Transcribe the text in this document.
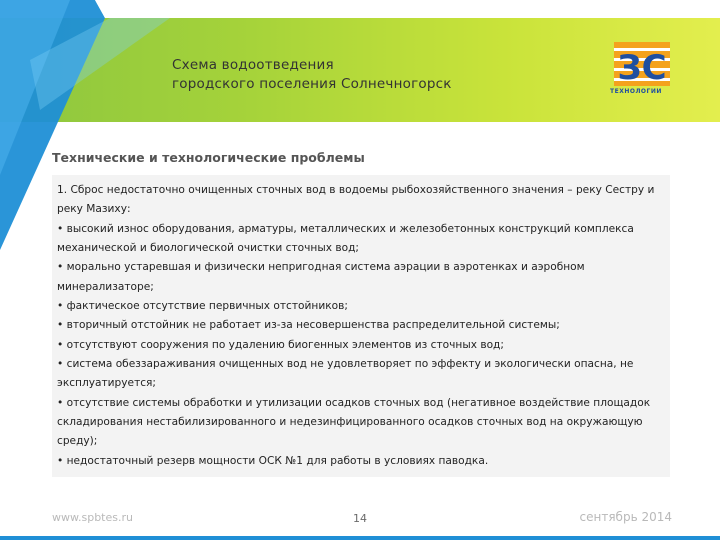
Схема водоотведения
городского поселения Солнечногорск	ЗС
ТЕХНОЛОГИИ
Технические и технологические проблемы

1. Сброс недостаточно очищенных сточных вод в водоемы рыбохозяйственного значения – реку Сестру и реку Мазиху:

• высокий износ оборудования, арматуры, металлических и железобетонных конструкций комплекса механической и биологической очистки сточных вод;

• морально устаревшая и физически непригодная система аэрации в аэротенках и аэробном минерализаторе;

• фактическое отсутствие первичных отстойников;

• вторичный отстойник не работает из-за несовершенства распределительной системы;

• отсутствуют сооружения по удалению биогенных элементов из сточных вод;

• система обеззараживания очищенных вод не удовлетворяет по эффекту и экологически опасна, не эксплуатируется;

• отсутствие системы обработки и утилизации осадков сточных вод (негативное воздействие площадок складирования нестабилизированного и недезинфицированного осадков сточных вод на окружающую среду);

• недостаточный резерв мощности ОСК №1 для работы в условиях паводка.

www.spbtes.ru	14	сентябрь 2014
